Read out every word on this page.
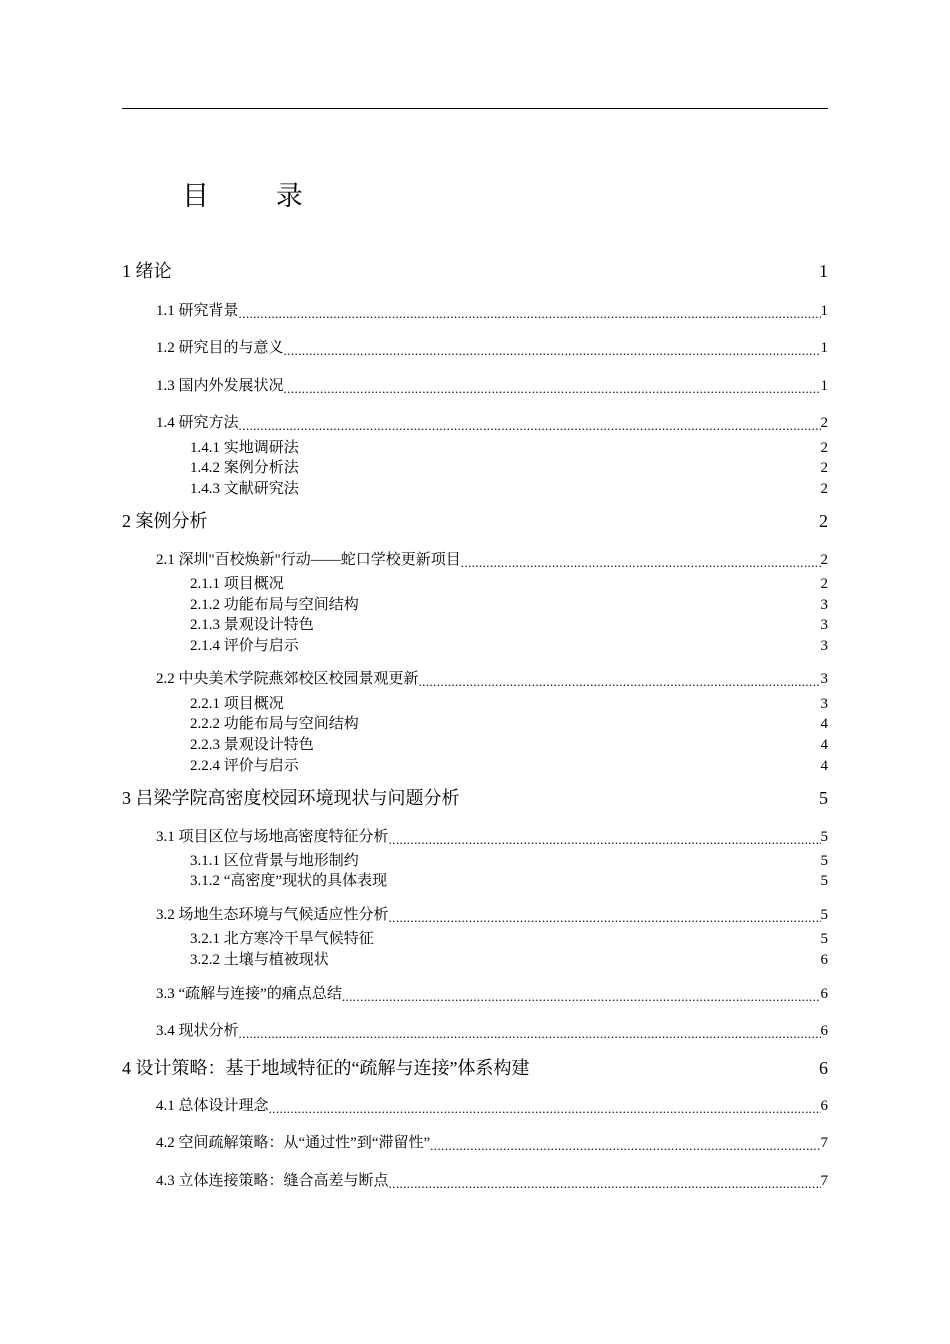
目 录
1 绪论	1
1.1 研究背景 .....	1
1.2 研究目的与意义 .....	1
1.3 国内外发展状况 .....	1
1.4 研究方法 .....	2
1.4.1 实地调研法	2
1.4.2 案例分析法	2
1.4.3 文献研究法	2
2 案例分析	2
2.1 深圳"百校焕新"行动——蛇口学校更新项目 .....	2
2.1.1 项目概况	2
2.1.2 功能布局与空间结构	3
2.1.3 景观设计特色	3
2.1.4 评价与启示	3
2.2 中央美术学院燕郊校区校园景观更新 .....	3
2.2.1 项目概况	3
2.2.2 功能布局与空间结构	4
2.2.3 景观设计特色	4
2.2.4 评价与启示	4
3 吕梁学院高密度校园环境现状与问题分析	5
3.1 项目区位与场地高密度特征分析 .....	5
3.1.1 区位背景与地形制约	5
3.1.2 “高密度”现状的具体表现	5
3.2 场地生态环境与气候适应性分析 .....	5
3.2.1 北方寒冷干旱气候特征	5
3.2.2 土壤与植被现状	6
3.3 “疏解与连接”的痛点总结 .....	6
3.4 现状分析 .....	6
4 设计策略：基于地域特征的“疏解与连接”体系构建	6
4.1 总体设计理念 .....	6
4.2 空间疏解策略：从“通过性”到“滞留性” .....	7
4.3 立体连接策略：缝合高差与断点 .....	7
